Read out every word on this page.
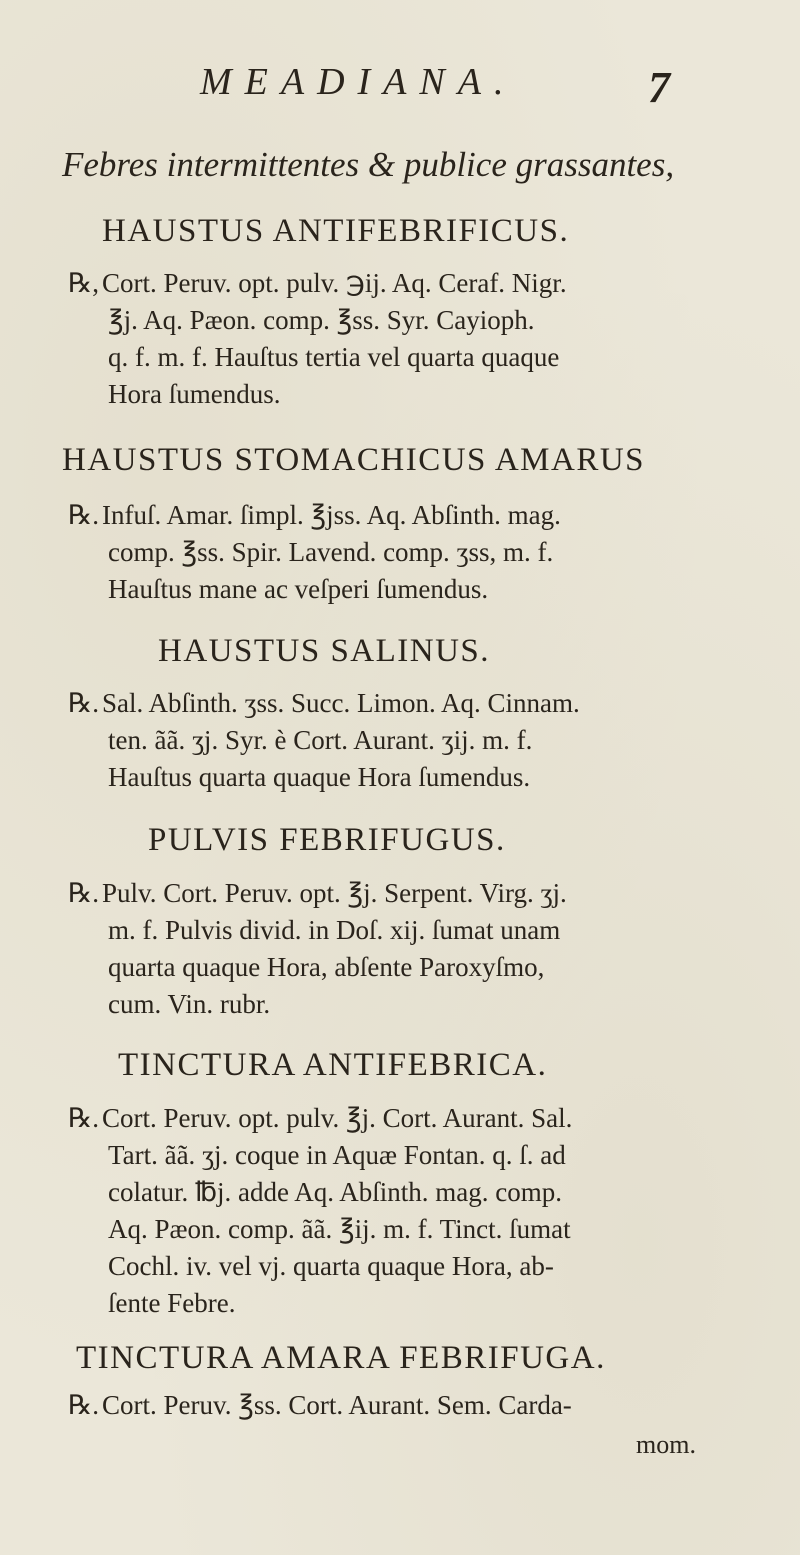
MEADIANA.	7
Febres intermittentes & publice grassantes,
HAUSTUS ANTIFEBRIFICUS.
℞, Cort. Peruv. opt. pulv. ℈ij. Aq. Ceraf. Nigr.
℥j. Aq. Pæon. comp. ℥ss. Syr. Cayioph.
q. f. m. f. Hauſtus tertia vel quarta quaque
Hora ſumendus.
HAUSTUS STOMACHICUS AMARUS
℞. Infuſ. Amar. ſimpl. ℥jss. Aq. Abſinth. mag.
comp. ℥ss. Spir. Lavend. comp. ʒss, m. f.
Hauſtus mane ac veſperi ſumendus.
HAUSTUS SALINUS.
℞. Sal. Abſinth. ʒss. Succ. Limon. Aq. Cinnam.
ten. ãã. ʒj. Syr. è Cort. Aurant. ʒij. m. f.
Hauſtus quarta quaque Hora ſumendus.
PULVIS FEBRIFUGUS.
℞. Pulv. Cort. Peruv. opt. ℥j. Serpent. Virg. ʒj.
m. f. Pulvis divid. in Doſ. xij. ſumat unam
quarta quaque Hora, abſente Paroxyſmo,
cum. Vin. rubr.
TINCTURA ANTIFEBRICA.
℞. Cort. Peruv. opt. pulv. ℥j. Cort. Aurant. Sal.
Tart. ãã. ʒj. coque in Aquæ Fontan. q. ſ. ad
colatur. ℔j. adde Aq. Abſinth. mag. comp.
Aq. Pæon. comp. ãã. ℥ij. m. f. Tinct. ſumat
Cochl. iv. vel vj. quarta quaque Hora, ab-
ſente Febre.
TINCTURA AMARA FEBRIFUGA.
℞. Cort. Peruv. ℥ss. Cort. Aurant. Sem. Carda-
mom.
